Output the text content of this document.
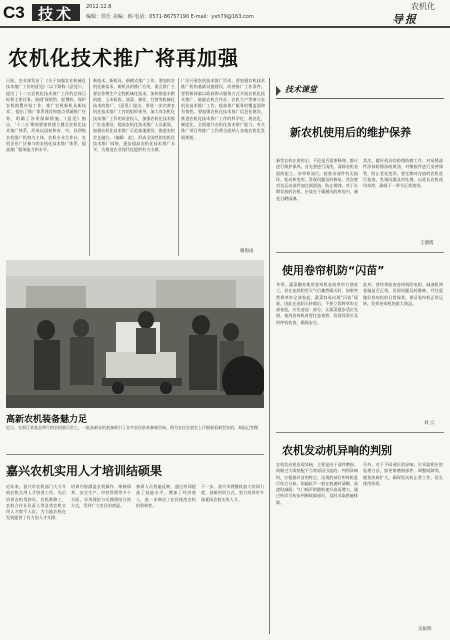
C3 技术 2012.12.8
编辑：侯仕 美编：韩 电话：0571-86757190 E-mail：yxh79@163.com
农机化
导报
农机化技术推广将再加强

日前，农业部发布了《关于加强农业机械化技术推广工作的意见》（以下简称《意见》），提出了十二五农机化技术推广工作的总体目标和主要任务。围绕‘保供给、促增收、保护农机购置补贴工作、推广农机新机具新技术’，提出了推广体系建设和重点领域推广任务，明确了各项保障措施。《意见》指出，‘十二五’期间要加快建立健全农机化技术推广体系，形成以国家和省、市、县四级农机推广机构为主体，农机专业合作社、农机企业广泛参与的农机化技术推广体系，提高推广服务能力和水平。

新技术、新机具、新模式推广工作。要加快农机化新技术、新机具的推广应用，重点推广主要农作物生产全程机械化技术，加快推进水稻机插、玉米机收、油菜、棉花、甘蔗等机械化技术的推广。《意见》提出，要进一步完善农机化技术推广工作的组织领导，加大对农机化技术推广工作的资金投入，加强农机化技术推广队伍建设，提高农机化技术推广人员素质，加强农机化技术推广示范基地建设，推进农机农艺融合。（编辑：赵），形成全国性的农机化技术推广网络，逐步提高农机化技术推广水平，为推进农业现代化提供有力支撑。

广泛开展农机技术推广活动，要加强农机技术推广机构基础设施建设，改善推广工作条件。要积极探索以政府购买服务方式开展农机化技术推广，鼓励农机合作社、农机大户等参与农机化技术推广工作，提高推广服务的覆盖面和有效性。要加强农机化技术推广信息化建设，推进农机化技术推广工作的科学化、规范化、制度化，全面提升农机化技术推广能力。有关推广项目和推广工作将全面纳入各地农机化发展规划。

谢海雨
高新农机装备魅力足

近日，在浙江省某县举行的农机展示会上，一批高新农机装备吸引了众多农民前来参观咨询。图为农民在展会上仔细观看新型农机。本报记者摄

嘉兴农机实用人才培训结硕果

近年来，嘉兴市农机部门大力开展农机实用人才培训工作，先后培训农机驾驶员、农机维修工、农机合作社负责人等各类农机实用人才数千人次，为当地农机化发展提供了有力的人才支撑。

培训内容涵盖农机操作、维修保养、安全生产、经营管理等多个方面，采用理论与实践相结合的方式，受到广大农民的欢迎。

参训人员普遍反映，通过培训提高了技能水平，增加了经济收入，进一步调动了农民使用农机的积极性。

下一步，嘉兴市将继续加大培训力度，创新培训方式，努力培养更多高素质农机实用人才。

技术课堂
新农机使用后的维护保养

新型农机在使用后，不论是否需要修理，都应进行维护保养。首先要进行清洗，清除农机表面的泥土、杂草和油污，检查各部件有无损坏、松动和变形，发现问题及时修复。其次要对各运动部件加注润滑油，防止锈蚀。对于长期存放的农机，应放在干燥通风的库房内，避免日晒雨淋。

其次，做好机具的防锈防腐工作，对易锈部件涂抹防锈油或黄油，对橡胶件进行妥善保管，防止老化变形。要定期对存放的农机进行检查，发现问题及时处理，以延长农机使用寿命，确保下一季节正常使用。

王德儒
使用卷帘机防“闪苗”

冬季，蔬菜棚室使用卷帘机卷放草帘方便省工，但在连续阴雪天气后骤然晴天时，如果突然将草帘全部卷起，蔬菜容易出现“闪苗”现象。因此在连阴天转晴后，不要立即将草帘全部卷起，应先卷起一部分，让蔬菜逐步适应光照。使用卷帘机时要注意观察，发现异常应及时停机检查，确保安全。

此外，要经常检查卷帘机的电机、减速机和卷轴是否正常，发现问题及时维修，并注意做好卷帘机的日常保养，保证卷帘机正常运转，发挥卷帘机的最大效益。

刘 云
农机发动机异响的判别

农机发动机出现异响，主要是由于部件磨损、间隙过大或装配不当等原因引起的。判别异响时，应根据声音的特点、出现的部位和时机进行综合分析。如敲缸声一般在低速时清晰，高速时减弱；气门响声则随转速升高而增大。通过听诊可初步判断故障部位，及时采取措施排除。

另外，对于不同部位的异响，应采取相应的处理方法，如更换磨损部件、调整间隙等，避免故障扩大，确保发动机正常工作，延长使用寿命。

吴振明
